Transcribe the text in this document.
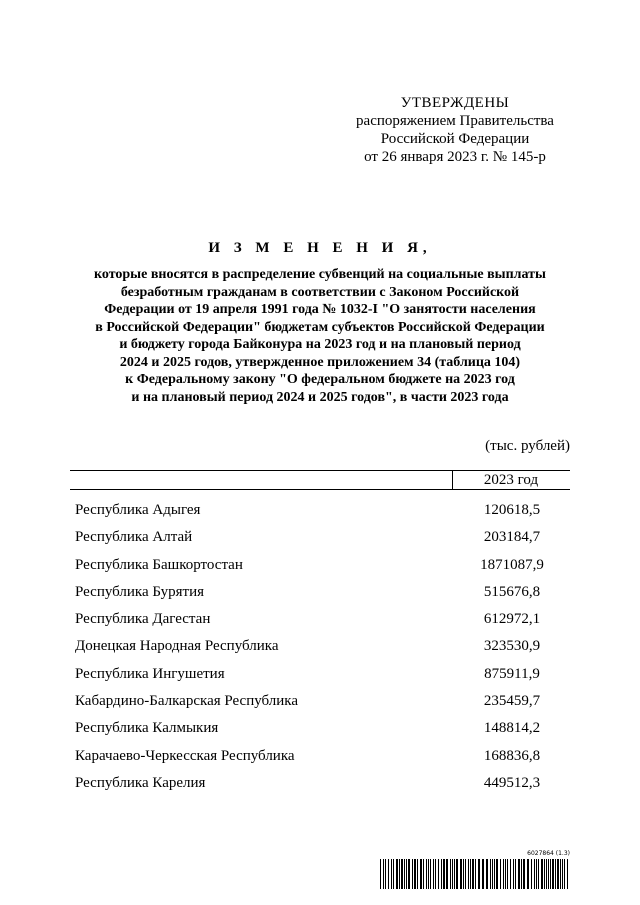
УТВЕРЖДЕНЫ
распоряжением Правительства
Российской Федерации
от 26 января 2023 г. № 145-р
И З М Е Н Е Н И Я,
которые вносятся в распределение субвенций на социальные выплаты
безработным гражданам в соответствии с Законом Российской
Федерации от 19 апреля 1991 года № 1032-I "О занятости населения
в Российской Федерации" бюджетам субъектов Российской Федерации
и бюджету города Байконура на 2023 год и на плановый период
2024 и 2025 годов, утвержденное приложением 34 (таблица 104)
к Федеральному закону "О федеральном бюджете на 2023 год
и на плановый период 2024 и 2025 годов", в части 2023 года
(тыс. рублей)
2023 год
Республика Адыгея	120618,5
Республика Алтай	203184,7
Республика Башкортостан	1871087,9
Республика Бурятия	515676,8
Республика Дагестан	612972,1
Донецкая Народная Республика	323530,9
Республика Ингушетия	875911,9
Кабардино-Балкарская Республика	235459,7
Республика Калмыкия	148814,2
Карачаево-Черкесская Республика	168836,8
Республика Карелия	449512,3
6027864 (1.3)
